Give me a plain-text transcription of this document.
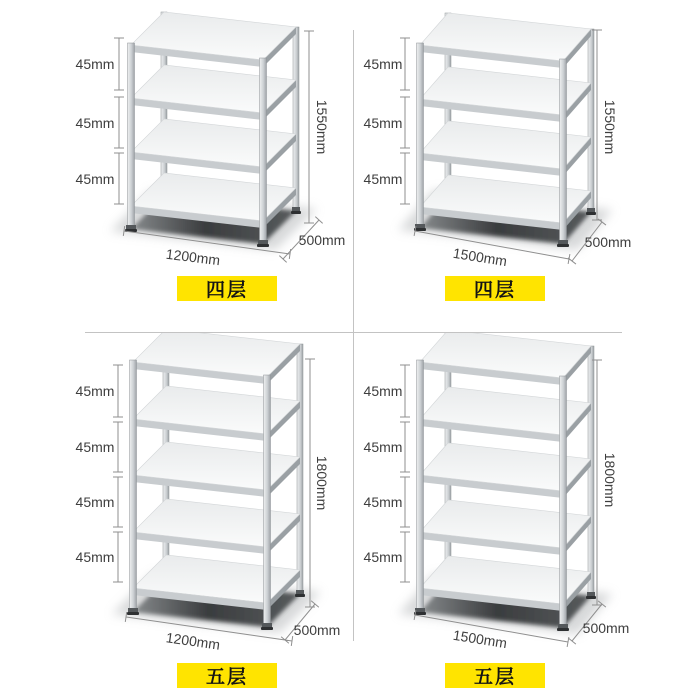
45mm
45mm
45mm
1550mm
1200mm
500mm
四层
45mm
45mm
45mm
1550mm
1500mm
500mm
四层
45mm
45mm
45mm
45mm
1800mm
1200mm	500mm
五层
45mm
45mm
45mm
45mm
1800mm
1500mm	500mm
五层
